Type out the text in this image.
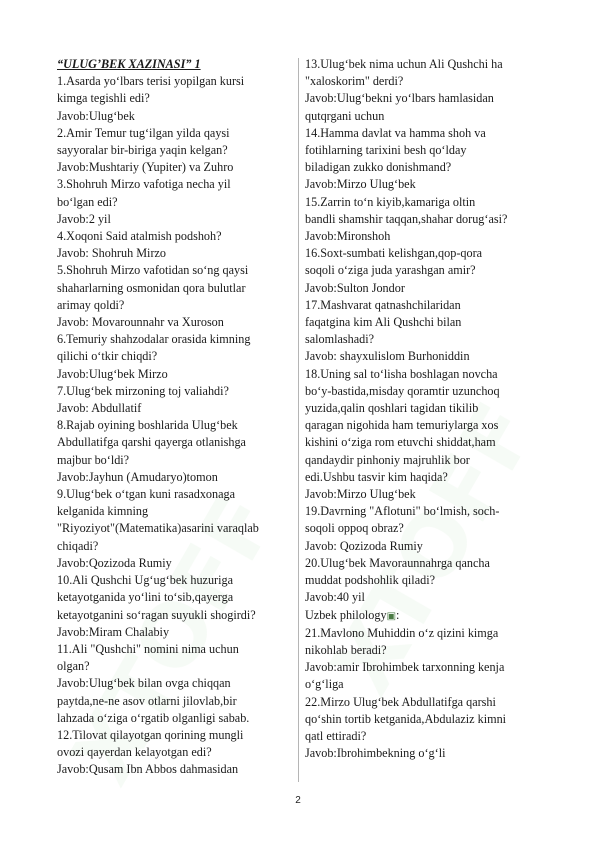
“ULUG’BEK XAZINASI” 1
1.Asarda yo‘lbars terisi yopilgan kursi
kimga tegishli edi?
Javob:Ulug‘bek
2.Amir Temur tug‘ilgan yilda qaysi
sayyoralar bir-biriga yaqin kelgan?
Javob:Mushtariy (Yupiter) va Zuhro
3.Shohruh Mirzo vafotiga necha yil
bo‘lgan edi?
Javob:2 yil
4.Xoqoni Said atalmish podshoh?
Javob: Shohruh Mirzo
5.Shohruh Mirzo vafotidan so‘ng qaysi
shaharlarning osmonidan qora bulutlar
arimay qoldi?
Javob: Movarounnahr va Xuroson
6.Temuriy shahzodalar orasida kimning
qilichi o‘tkir chiqdi?
Javob:Ulug‘bek Mirzo
7.Ulug‘bek mirzoning toj valiahdi?
Javob: Abdullatif
8.Rajab oyining boshlarida Ulug‘bek
Abdullatifga qarshi qayerga otlanishga
majbur bo‘ldi?
Javob:Jayhun (Amudaryo)tomon
9.Ulug‘bek o‘tgan kuni rasadxonaga
kelganida kimning
"Riyoziyot"(Matematika)asarini varaqlab
chiqadi?
Javob:Qozizoda Rumiy
10.Ali Qushchi Ug‘ug‘bek huzuriga
ketayotganida yo‘lini to‘sib,qayerga
ketayotganini so‘ragan suyukli shogirdi?
Javob:Miram Chalabiy
11.Ali "Qushchi" nomini nima uchun
olgan?
Javob:Ulug‘bek bilan ovga chiqqan
paytda,ne-ne asov otlarni jilovlab,bir
lahzada o‘ziga o‘rgatib olganligi sabab.
12.Tilovat qilayotgan qorining mungli
ovozi qayerdan kelayotgan edi?
Javob:Qusam Ibn Abbos dahmasidan
13.Ulug‘bek nima uchun Ali Qushchi ha
"xaloskorim" derdi?
Javob:Ulug‘bekni yo‘lbars hamlasidan
qutqrgani uchun
14.Hamma davlat va hamma shoh va
fotihlarning tarixini besh qo‘lday
biladigan zukko donishmand?
Javob:Mirzo Ulug‘bek
15.Zarrin to‘n kiyib,kamariga oltin
bandli shamshir taqqan,shahar dorug‘asi?
Javob:Mironshoh
16.Soxt-sumbati kelishgan,qop-qora
soqoli o‘ziga juda yarashgan amir?
Javob:Sulton Jondor
17.Mashvarat qatnashchilaridan
faqatgina kim Ali Qushchi bilan
salomlashadi?
Javob: shayxulislom Burhoniddin
18.Uning sal to‘lisha boshlagan novcha
bo‘y-bastida,misday qoramtir uzunchoq
yuzida,qalin qoshlari tagidan tikilib
qaragan nigohida ham temuriylarga xos
kishini o‘ziga rom etuvchi shiddat,ham
qandaydir pinhoniy majruhlik bor
edi.Ushbu tasvir kim haqida?
Javob:Mirzo Ulug‘bek
19.Davrning "Aflotuni" bo‘lmish, soch-
soqoli oppoq obraz?
Javob: Qozizoda Rumiy
20.Ulug‘bek Mavoraunnahrga qancha
muddat podshohlik qiladi?
Javob:40 yil
Uzbek philology▣:
21.Mavlono Muhiddin o‘z qizini kimga
nikohlab beradi?
Javob:amir Ibrohimbek tarxonning kenja
o‘g‘liga
22.Mirzo Ulug‘bek Abdullatifga qarshi
qo‘shin tortib ketganida,Abdulaziz kimni
qatl ettiradi?
Javob:Ibrohimbekning o‘g‘li
2
